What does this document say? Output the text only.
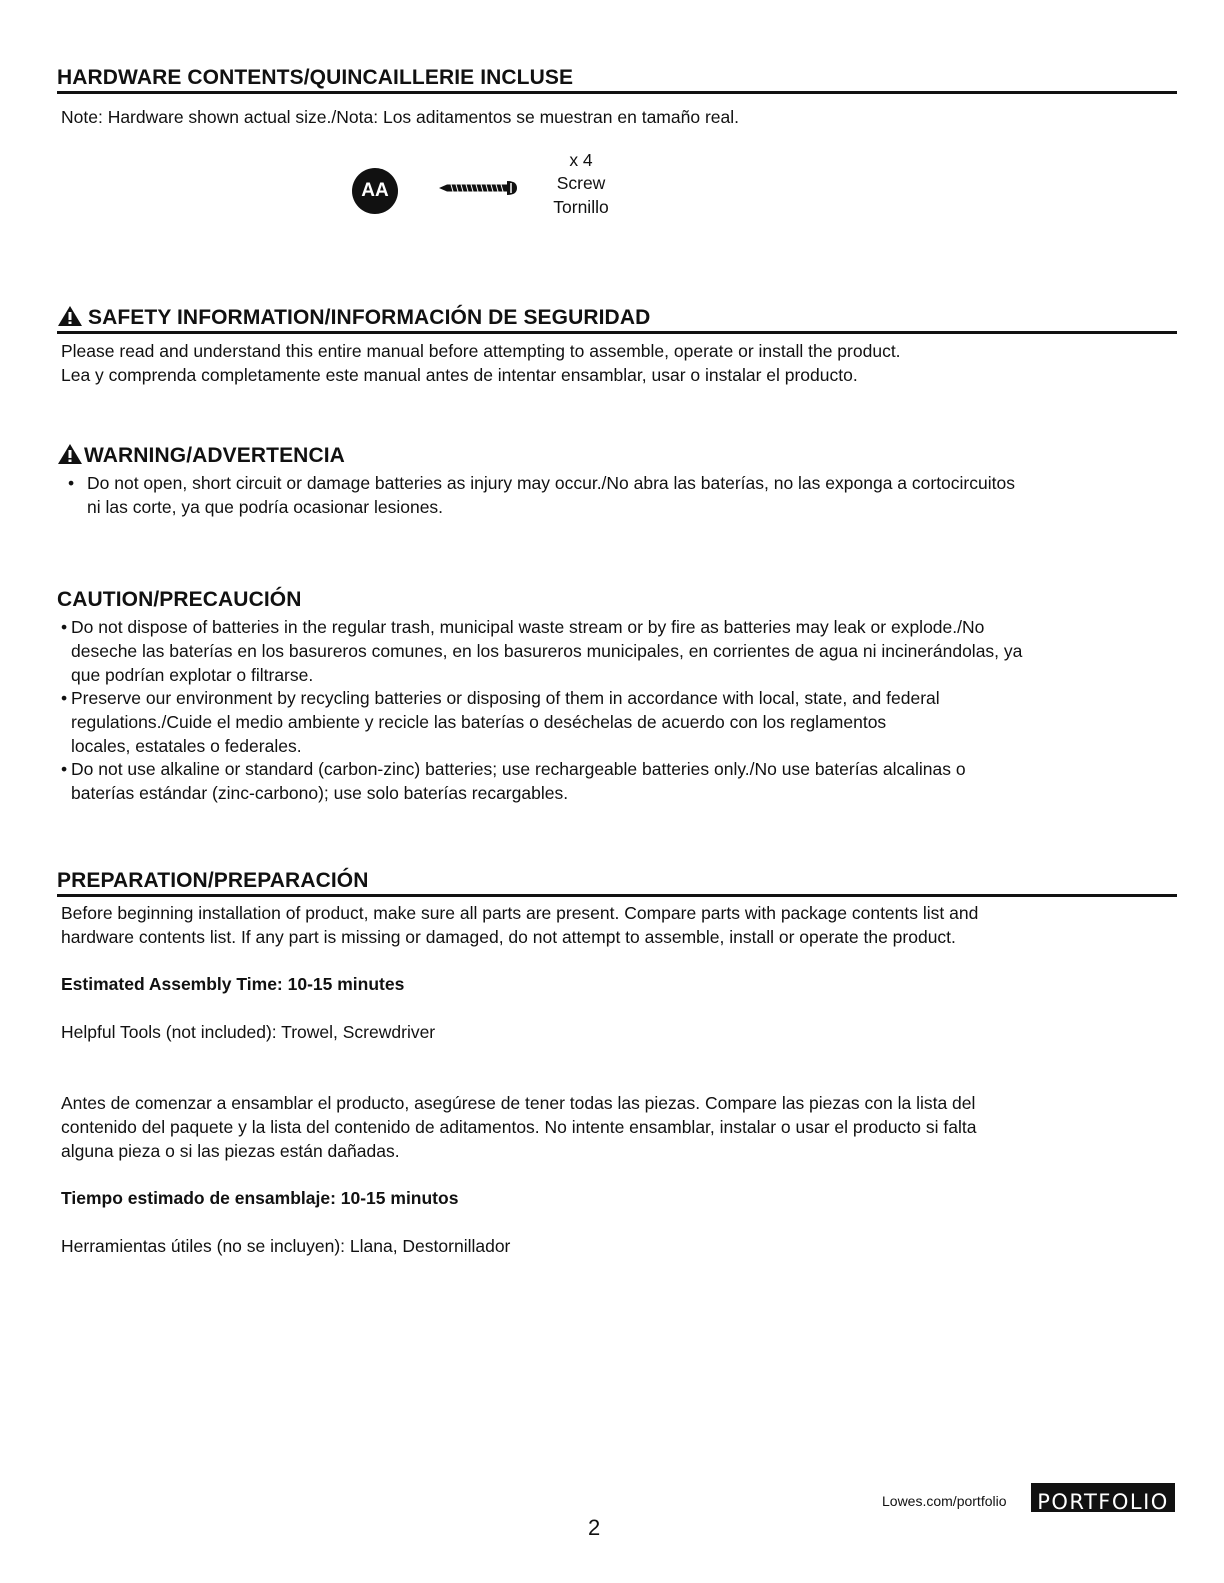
HARDWARE CONTENTS/QUINCAILLERIE INCLUSE
Note: Hardware shown actual size./Nota: Los aditamentos se muestran en tamaño real.
AA
x 4
Screw
Tornillo
SAFETY INFORMATION/INFORMACIÓN DE SEGURIDAD
Please read and understand this entire manual before attempting to assemble, operate or install the product.
Lea y comprenda completamente este manual antes de intentar ensamblar, usar o instalar el producto.
WARNING/ADVERTENCIA
• Do not open, short circuit or damage batteries as injury may occur./No abra las baterías, no las exponga a cortocircuitos
ni las corte, ya que podría ocasionar lesiones.
CAUTION/PRECAUCIÓN
• Do not dispose of batteries in the regular trash, municipal waste stream or by fire as batteries may leak or explode./No
deseche las baterías en los basureros comunes, en los basureros municipales, en corrientes de agua ni incinerándolas, ya
que podrían explotar o filtrarse.
• Preserve our environment by recycling batteries or disposing of them in accordance with local, state, and federal
regulations./Cuide el medio ambiente y recicle las baterías o deséchelas de acuerdo con los reglamentos
locales, estatales o federales.
• Do not use alkaline or standard (carbon-zinc) batteries; use rechargeable batteries only./No use baterías alcalinas o
baterías estándar (zinc-carbono); use solo baterías recargables.
PREPARATION/PREPARACIÓN
Before beginning installation of product, make sure all parts are present. Compare parts with package contents list and
hardware contents list. If any part is missing or damaged, do not attempt to assemble, install or operate the product.
Estimated Assembly Time: 10-15 minutes
Helpful Tools (not included): Trowel, Screwdriver
Antes de comenzar a ensamblar el producto, asegúrese de tener todas las piezas. Compare las piezas con la lista del
contenido del paquete y la lista del contenido de aditamentos. No intente ensamblar, instalar o usar el producto si falta
alguna pieza o si las piezas están dañadas.
Tiempo estimado de ensamblaje: 10-15 minutos
Herramientas útiles (no se incluyen): Llana, Destornillador
Lowes.com/portfolio PORTFOLIO
2
